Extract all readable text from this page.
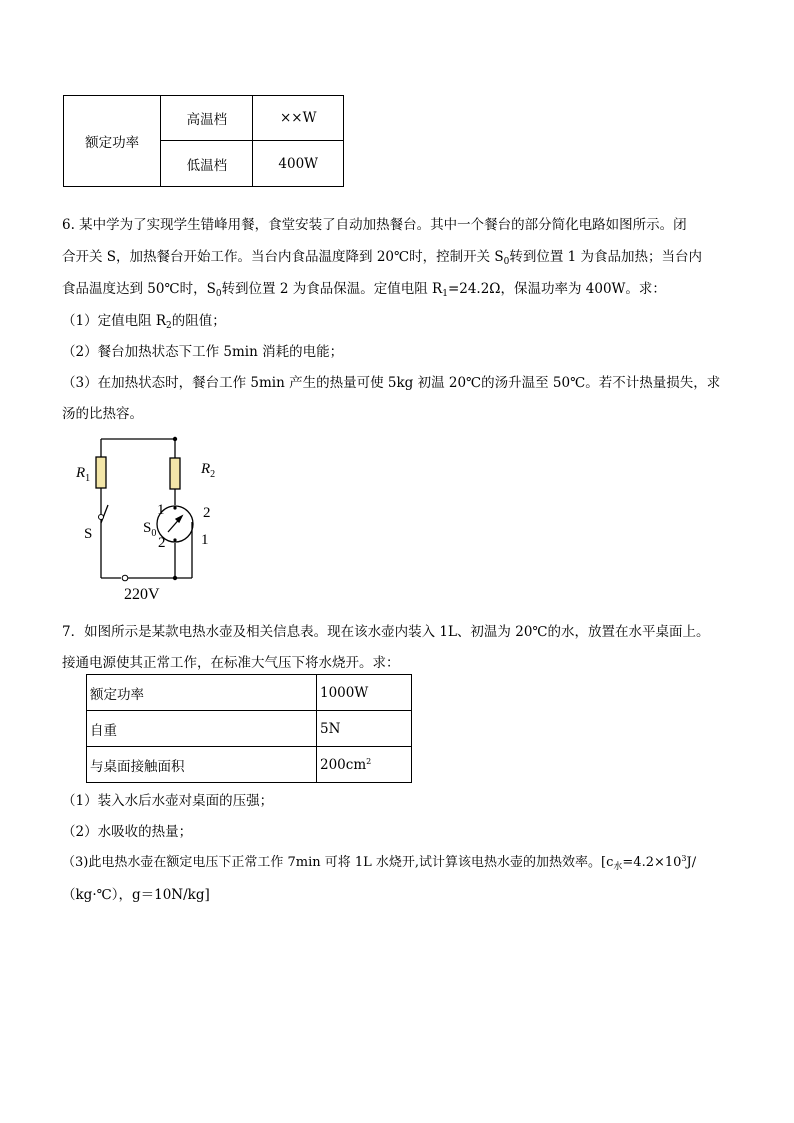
额定功率	高温档	××W
	低温档	400W
6. 某中学为了实现学生错峰用餐，食堂安装了自动加热餐台。其中一个餐台的部分简化电路如图所示。闭
合开关 S，加热餐台开始工作。当台内食品温度降到 20℃时，控制开关 $S_0$转到位置 1 为食品加热；当台内
食品温度达到 50℃时，$S_0$转到位置 2 为食品保温。定值电阻 $R_1=24.2\Omega$，保温功率为 400W。求：
（1）定值电阻 $R_2$的阻值；
（2）餐台加热状态下工作 5min 消耗的电能；
（3）在加热状态时，餐台工作 5min 产生的热量可使 5kg 初温 20℃的汤升温至 50℃。若不计热量损失，求
汤的比热容。
$R_1$
$R_2$
S	$S_0$
1	2
2 1
220V
7．如图所示是某款电热水壶及相关信息表。现在该水壶内装入 1L、初温为 20℃的水，放置在水平桌面上。
接通电源使其正常工作，在标准大气压下将水烧开。求：
额定功率	1000W
自重	5N
与桌面接触面积	$200cm^2$
（1）装入水后水壶对桌面的压强；
（2）水吸收的热量；
（3)此电热水壶在额定电压下正常工作 7min 可将 1L 水烧开,试计算该电热水壶的加热效率。[$c_水=4.2\times 10^3J/$
（kg·℃），g＝10N/kg]
